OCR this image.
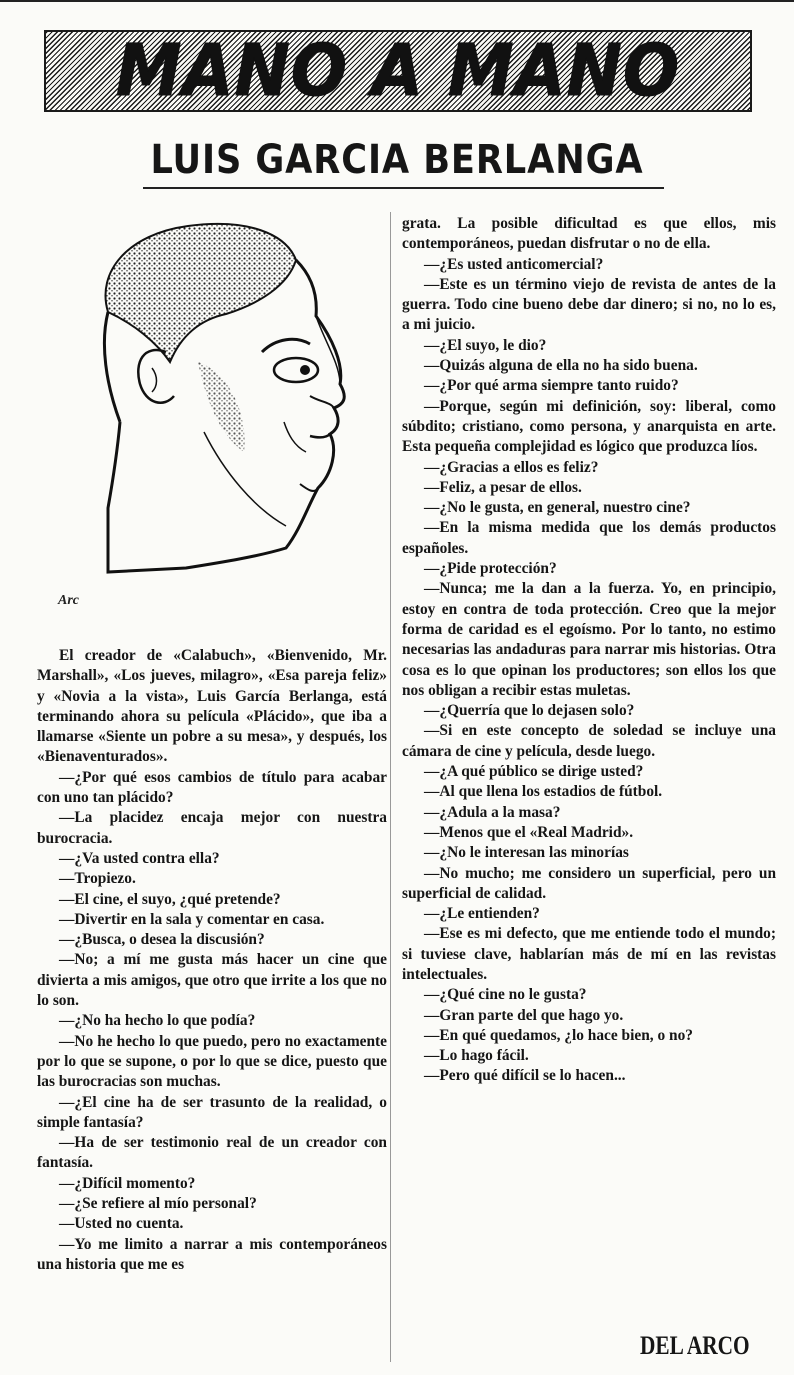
MANO A MANO
LUIS GARCIA BERLANGA
Arc

El creador de «Calabuch», «Bienvenido, Mr. Marshall», «Los jueves, milagro», «Esa pareja feliz» y «Novia a la vista», Luis García Berlanga, está terminando ahora su película «Plácido», que iba a llamarse «Siente un pobre a su mesa», y después, los «Bienaventurados».

—¿Por qué esos cambios de título para acabar con uno tan plácido?

—La placidez encaja mejor con nuestra burocracia.

—¿Va usted contra ella?

—Tropiezo.

—El cine, el suyo, ¿qué pretende?

—Divertir en la sala y comentar en casa.

—¿Busca, o desea la discusión?

—No; a mí me gusta más hacer un cine que divierta a mis amigos, que otro que irrite a los que no lo son.

—¿No ha hecho lo que podía?

—No he hecho lo que puedo, pero no exactamente por lo que se supone, o por lo que se dice, puesto que las burocracias son muchas.

—¿El cine ha de ser trasunto de la realidad, o simple fantasía?

—Ha de ser testimonio real de un creador con fantasía.

—¿Difícil momento?

—¿Se refiere al mío personal?

—Usted no cuenta.

—Yo me limito a narrar a mis contemporáneos una historia que me es

grata. La posible dificultad es que ellos, mis contemporáneos, puedan disfrutar o no de ella.

—¿Es usted anticomercial?

—Este es un término viejo de revista de antes de la guerra. Todo cine bueno debe dar dinero; si no, no lo es, a mi juicio.

—¿El suyo, le dio?

—Quizás alguna de ella no ha sido buena.

—¿Por qué arma siempre tanto ruido?

—Porque, según mi definición, soy: liberal, como súbdito; cristiano, como persona, y anarquista en arte. Esta pequeña complejidad es lógico que produzca líos.

—¿Gracias a ellos es feliz?

—Feliz, a pesar de ellos.

—¿No le gusta, en general, nuestro cine?

—En la misma medida que los demás productos españoles.

—¿Pide protección?

—Nunca; me la dan a la fuerza. Yo, en principio, estoy en contra de toda protección. Creo que la mejor forma de caridad es el egoísmo. Por lo tanto, no estimo necesarias las andaduras para narrar mis historias. Otra cosa es lo que opinan los productores; son ellos los que nos obligan a recibir estas muletas.

—¿Querría que lo dejasen solo?

—Si en este concepto de soledad se incluye una cámara de cine y película, desde luego.

—¿A qué público se dirige usted?

—Al que llena los estadios de fútbol.

—¿Adula a la masa?

—Menos que el «Real Madrid».

—¿No le interesan las minorías

—No mucho; me considero un superficial, pero un superficial de calidad.

—¿Le entienden?

—Ese es mi defecto, que me entiende todo el mundo; si tuviese clave, hablarían más de mí en las revistas intelectuales.

—¿Qué cine no le gusta?

—Gran parte del que hago yo.

—En qué quedamos, ¿lo hace bien, o no?

—Lo hago fácil.

—Pero qué difícil se lo hacen...

DEL ARCO
